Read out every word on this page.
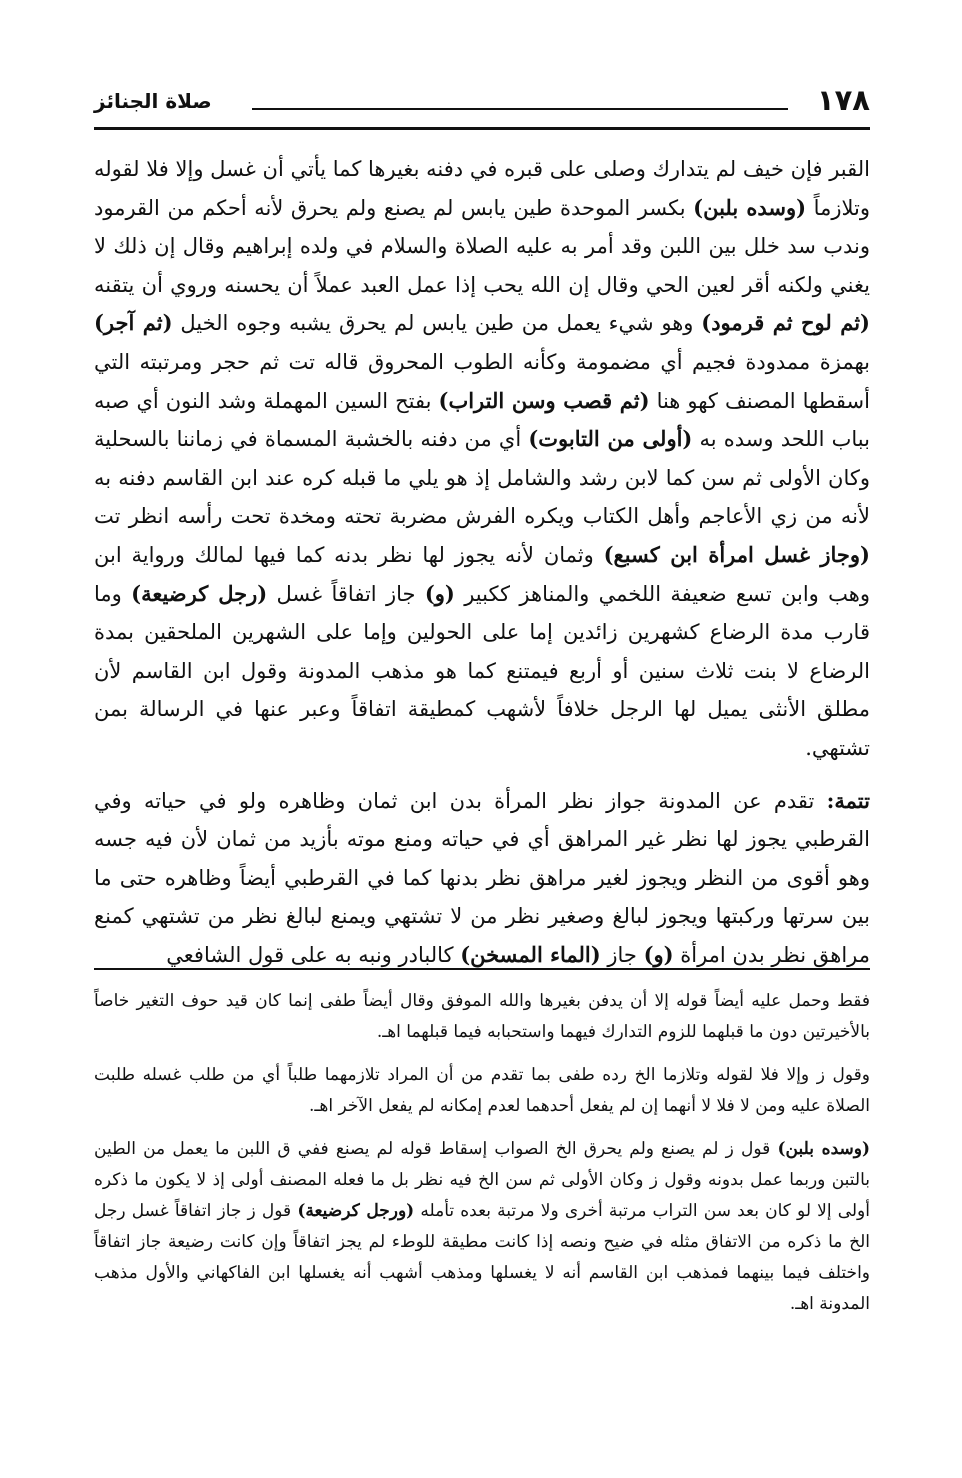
١٧٨
صلاة الجنائز

القبر فإن خيف لم يتدارك وصلى على قبره في دفنه بغيرها كما يأتي أن غسل وإلا فلا لقوله وتلازماً (وسده بلبن) بكسر الموحدة طين يابس لم يصنع ولم يحرق لأنه أحكم من القرمود وندب سد خلل بين اللبن وقد أمر به عليه الصلاة والسلام في ولده إبراهيم وقال إن ذلك لا يغني ولكنه أقر لعين الحي وقال إن الله يحب إذا عمل العبد عملاً أن يحسنه وروي أن يتقنه (ثم لوح ثم قرمود) وهو شيء يعمل من طين يابس لم يحرق يشبه وجوه الخيل (ثم آجر) بهمزة ممدودة فجيم أي مضمومة وكأنه الطوب المحروق قاله تت ثم حجر ومرتبته التي أسقطها المصنف كهو هنا (ثم قصب وسن التراب) بفتح السين المهملة وشد النون أي صبه بباب اللحد وسده به (أولى من التابوت) أي من دفنه بالخشبة المسماة في زماننا بالسحلية وكان الأولى ثم سن كما لابن رشد والشامل إذ هو يلي ما قبله كره عند ابن القاسم دفنه به لأنه من زي الأعاجم وأهل الكتاب ويكره الفرش مضربة تحته ومخدة تحت رأسه انظر تت (وجاز غسل امرأة ابن كسبع) وثمان لأنه يجوز لها نظر بدنه كما فيها لمالك ورواية ابن وهب وابن تسع ضعيفة اللخمي والمناهز ككبير (و) جاز اتفاقاً غسل (رجل كرضيعة) وما قارب مدة الرضاع كشهرين زائدين إما على الحولين وإما على الشهرين الملحقين بمدة الرضاع لا بنت ثلاث سنين أو أربع فيمتنع كما هو مذهب المدونة وقول ابن القاسم لأن مطلق الأنثى يميل لها الرجل خلافاً لأشهب كمطيقة اتفاقاً وعبر عنها في الرسالة بمن تشتهي.

تتمة: تقدم عن المدونة جواز نظر المرأة بدن ابن ثمان وظاهره ولو في حياته وفي القرطبي يجوز لها نظر غير المراهق أي في حياته ومنع موته بأزيد من ثمان لأن فيه جسه وهو أقوى من النظر ويجوز لغير مراهق نظر بدنها كما في القرطبي أيضاً وظاهره حتى ما بين سرتها وركبتها ويجوز لبالغ وصغير نظر من لا تشتهي ويمنع لبالغ نظر من تشتهي كمنع مراهق نظر بدن امرأة (و) جاز (الماء المسخن) كالبادر ونبه به على قول الشافعي

فقط وحمل عليه أيضاً قوله إلا أن يدفن بغيرها والله الموفق وقال أيضاً طفى إنما كان قيد حوف التغير خاصاً بالأخيرتين دون ما قبلهما للزوم التدارك فيهما واستحبابه فيما قبلهما اهـ.

وقول ز وإلا فلا لقوله وتلازما الخ رده طفى بما تقدم من أن المراد تلازمهما طلباً أي من طلب غسله طلبت الصلاة عليه ومن لا فلا لا أنهما إن لم يفعل أحدهما لعدم إمكانه لم يفعل الآخر اهـ.

(وسده بلبن) قول ز لم يصنع ولم يحرق الخ الصواب إسقاط قوله لم يصنع ففي ق اللبن ما يعمل من الطين بالتبن وربما عمل بدونه وقول ز وكان الأولى ثم سن الخ فيه نظر بل ما فعله المصنف أولى إذ لا يكون ما ذكره أولى إلا لو كان بعد سن التراب مرتبة أخرى ولا مرتبة بعده تأمله (ورجل كرضيعة) قول ز جاز اتفاقاً غسل رجل الخ ما ذكره من الاتفاق مثله في ضيح ونصه إذا كانت مطيقة للوطء لم يجز اتفاقاً وإن كانت رضيعة جاز اتفاقاً واختلف فيما بينهما فمذهب ابن القاسم أنه لا يغسلها ومذهب أشهب أنه يغسلها ابن الفاكهاني والأول مذهب المدونة اهـ.
